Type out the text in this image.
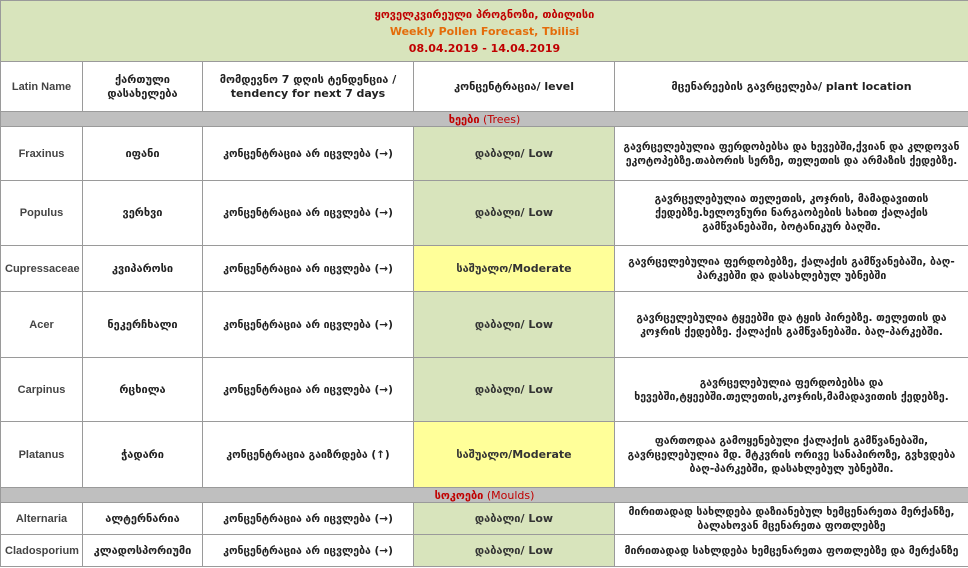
ყოველკვირეული პროგნოზი, თბილისი
Weekly Pollen Forecast, Tbilisi
08.04.2019 - 14.04.2019				

Latin Name	ქართული დასახელება	მომდევნო 7 დღის ტენდენცია / tendency for next 7 days	კონცენტრაცია/ level	მცენარეების გავრცელება/ plant location
ხეები (Trees)				
Fraxinus	იფანი	კონცენტრაცია არ იცვლება (→)	დაბალი/ Low	გავრცელებულია ფერდობებსა და ხევებში,ქვიან და კლდოვან ეკოტოპებზე.თაბორის სერზე, თელეთის და არმაზის ქედებზე.
Populus	ვერხვი	კონცენტრაცია არ იცვლება (→)	დაბალი/ Low	გავრცელებულია თელეთის, კოჯრის, მამადავითის ქედებზე.ხელოვნური ნარგაობების სახით ქალაქის გამწვანებაში, ბოტანიკურ ბაღში.
Cupressaceae	კვიპაროსი	კონცენტრაცია არ იცვლება (→)	საშუალო/Moderate	გავრცელებულია ფერდობებზე, ქალაქის გამწვანებაში, ბაღ-პარკებში და დასახლებულ უბნებში
Acer	ნეკერჩხალი	კონცენტრაცია არ იცვლება (→)	დაბალი/ Low	გავრცელებულია ტყეებში და ტყის პირებზე. თელეთის და კოჯრის ქედებზე. ქალაქის გამწვანებაში. ბაღ-პარკებში.
Carpinus	რცხილა	კონცენტრაცია არ იცვლება (→)	დაბალი/ Low	გავრცელებულია ფერდობებსა და ხევებში,ტყეებში.თელეთის,კოჯრის,მამადავითის ქედებზე.
Platanus	ჭადარი	კონცენტრაცია გაიზრდება (↑)	საშუალო/Moderate	ფართოდაა გამოყენებული ქალაქის გამწვანებაში, გავრცელებულია მდ. მტკვრის ორივე სანაპიროზე, გვხვდება ბაღ-პარკებში, დასახლებულ უბნებში.
სოკოები (Moulds)				
Alternaria	ალტერნარია	კონცენტრაცია არ იცვლება (→)	დაბალი/ Low	მირითადად სახლდება დაზიანებულ ხემცენარეთა მერქანზე, ბალახოვან მცენარეთა ფოთლებზე
Cladosporium	კლადოსპორიუმი	კონცენტრაცია არ იცვლება (→)	დაბალი/ Low	მირითადად სახლდება ხემცენარეთა ფოთლებზე და მერქანზე
